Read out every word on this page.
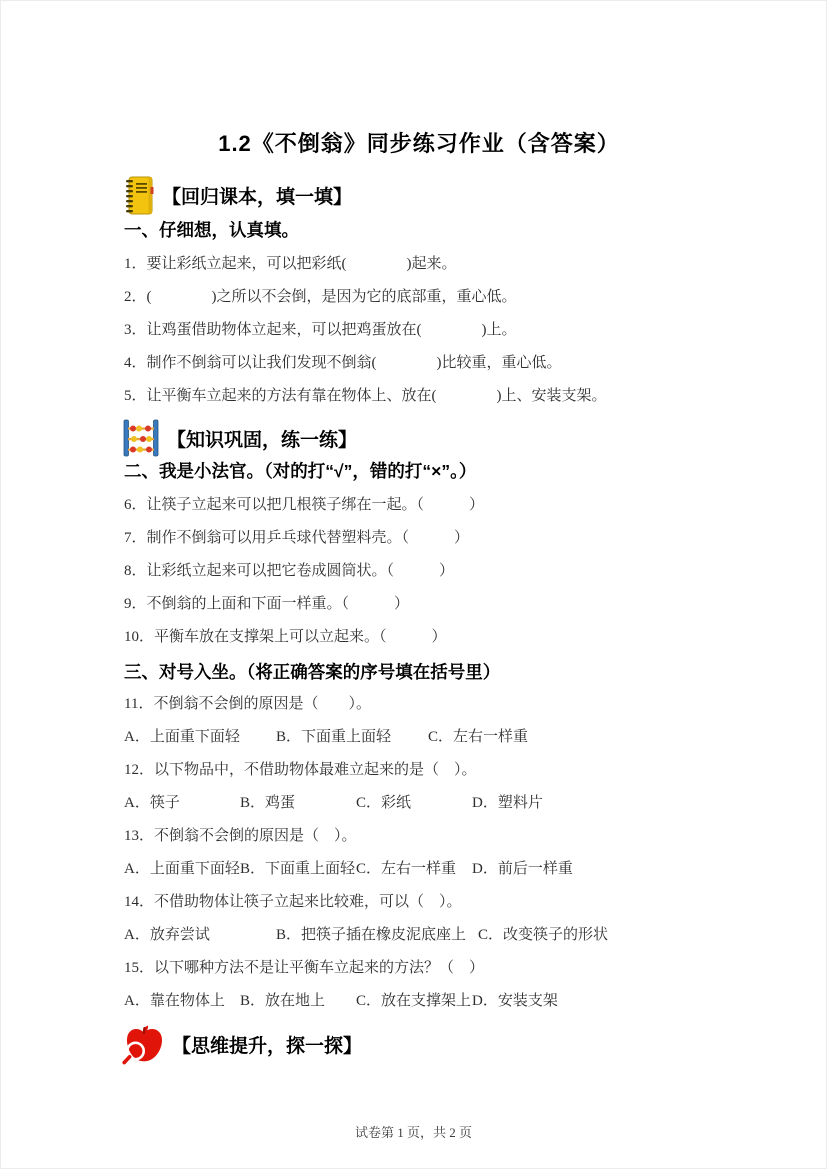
1.2《不倒翁》同步练习作业（含答案）
【回归课本，填一填】
一、仔细想，认真填。
1．要让彩纸立起来，可以把彩纸(　　　　)起来。
2．(　　　　)之所以不会倒，是因为它的底部重，重心低。
3．让鸡蛋借助物体立起来，可以把鸡蛋放在(　　　　)上。
4．制作不倒翁可以让我们发现不倒翁(　　　　)比较重，重心低。
5．让平衡车立起来的方法有靠在物体上、放在(　　　　)上、安装支架。
【知识巩固，练一练】
二、我是小法官。（对的打“√”，错的打“×”。）
6．让筷子立起来可以把几根筷子绑在一起。（　　　）
7．制作不倒翁可以用乒乓球代替塑料壳。（　　　）
8．让彩纸立起来可以把它卷成圆筒状。（　　　）
9．不倒翁的上面和下面一样重。（　　　）
10．平衡车放在支撑架上可以立起来。（　　　）
三、对号入坐。（将正确答案的序号填在括号里）
11．不倒翁不会倒的原因是（　　）。
A．上面重下面轻 B．下面重上面轻 C．左右一样重
12．以下物品中，不借助物体最难立起来的是（　）。
A．筷子	B．鸡蛋	C．彩纸	D．塑料片
13．不倒翁不会倒的原因是（　）。
A．上面重下面轻B．下面重上面轻C．左右一样重 D．前后一样重
14．不借助物体让筷子立起来比较难，可以（　）。
A．放弃尝试	B．把筷子插在橡皮泥底座上 C．改变筷子的形状
15．以下哪种方法不是让平衡车立起来的方法？（　）
A．靠在物体上 B．放在地上 C．放在支撑架上D．安装支架
【思维提升，探一探】
试卷第 1 页，共 2 页
